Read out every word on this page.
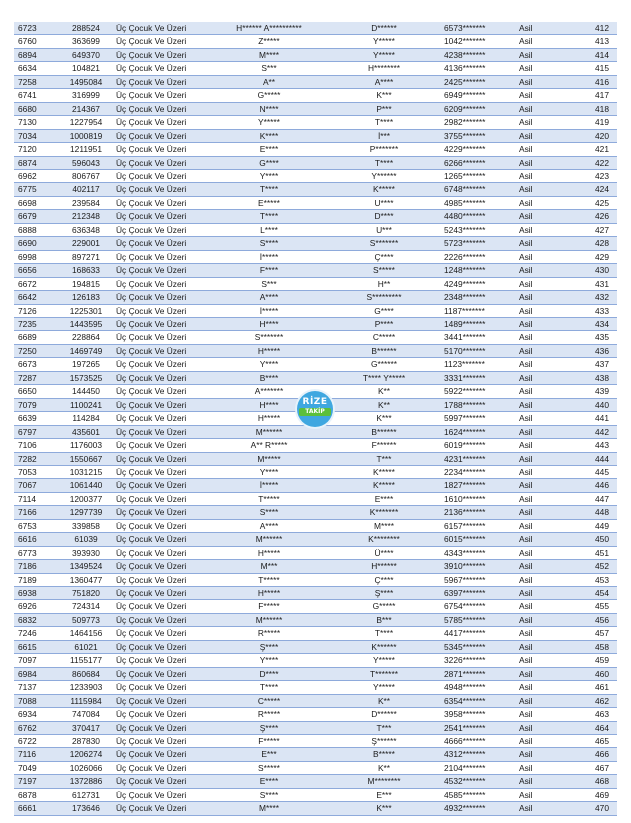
6723	288524	Üç Çocuk Ve Üzeri	H****** A**********	D******	6573*******	Asil	412
6760	363699	Üç Çocuk Ve Üzeri	Z*****	Y*****	1042*******	Asil	413
6894	649370	Üç Çocuk Ve Üzeri	M****	Y*****	4238*******	Asil	414
6634	104821	Üç Çocuk Ve Üzeri	S***	H********	4136*******	Asil	415
7258	1495084	Üç Çocuk Ve Üzeri	A**	A****	2425*******	Asil	416
6741	316999	Üç Çocuk Ve Üzeri	G*****	K***	6949*******	Asil	417
6680	214367	Üç Çocuk Ve Üzeri	N****	P***	6209*******	Asil	418
7130	1227954	Üç Çocuk Ve Üzeri	Y*****	T****	2982*******	Asil	419
7034	1000819	Üç Çocuk Ve Üzeri	K****	İ***	3755*******	Asil	420
7120	1211951	Üç Çocuk Ve Üzeri	E****	P*******	4229*******	Asil	421
6874	596043	Üç Çocuk Ve Üzeri	G****	T****	6266*******	Asil	422
6962	806767	Üç Çocuk Ve Üzeri	Y****	Y******	1265*******	Asil	423
6775	402117	Üç Çocuk Ve Üzeri	T****	K*****	6748*******	Asil	424
6698	239584	Üç Çocuk Ve Üzeri	E*****	U****	4985*******	Asil	425
6679	212348	Üç Çocuk Ve Üzeri	T****	D****	4480*******	Asil	426
6888	636348	Üç Çocuk Ve Üzeri	L****	U***	5243*******	Asil	427
6690	229001	Üç Çocuk Ve Üzeri	S****	S*******	5723*******	Asil	428
6998	897271	Üç Çocuk Ve Üzeri	İ*****	Ç****	2226*******	Asil	429
6656	168633	Üç Çocuk Ve Üzeri	F****	S*****	1248*******	Asil	430
6672	194815	Üç Çocuk Ve Üzeri	S***	H**	4249*******	Asil	431
6642	126183	Üç Çocuk Ve Üzeri	A****	S*********	2348*******	Asil	432
7126	1225301	Üç Çocuk Ve Üzeri	İ*****	G****	1187*******	Asil	433
7235	1443595	Üç Çocuk Ve Üzeri	H****	P****	1489*******	Asil	434
6689	228864	Üç Çocuk Ve Üzeri	S*******	C*****	3441*******	Asil	435
7250	1469749	Üç Çocuk Ve Üzeri	H*****	B******	5170*******	Asil	436
6673	197265	Üç Çocuk Ve Üzeri	Y****	G******	1123*******	Asil	437
7287	1573525	Üç Çocuk Ve Üzeri	B****	T**** Y*****	3331*******	Asil	438
6650	144450	Üç Çocuk Ve Üzeri	A*******	K**	5922*******	Asil	439
7079	1100241	Üç Çocuk Ve Üzeri	H****	K**	1788*******	Asil	440
6639	114284	Üç Çocuk Ve Üzeri	H*****	K***	5997*******	Asil	441
6797	435601	Üç Çocuk Ve Üzeri	M******	B******	1624*******	Asil	442
7106	1176003	Üç Çocuk Ve Üzeri	A** R*****	F******	6019*******	Asil	443
7282	1550667	Üç Çocuk Ve Üzeri	M*****	T***	4231*******	Asil	444
7053	1031215	Üç Çocuk Ve Üzeri	Y****	K*****	2234*******	Asil	445
7067	1061440	Üç Çocuk Ve Üzeri	İ*****	K*****	1827*******	Asil	446
7114	1200377	Üç Çocuk Ve Üzeri	T*****	E****	1610*******	Asil	447
7166	1297739	Üç Çocuk Ve Üzeri	S****	K*******	2136*******	Asil	448
6753	339858	Üç Çocuk Ve Üzeri	A****	M****	6157*******	Asil	449
6616	61039	Üç Çocuk Ve Üzeri	M******	K********	6015*******	Asil	450
6773	393930	Üç Çocuk Ve Üzeri	H*****	Ü****	4343*******	Asil	451
7186	1349524	Üç Çocuk Ve Üzeri	M***	H******	3910*******	Asil	452
7189	1360477	Üç Çocuk Ve Üzeri	T*****	Ç****	5967*******	Asil	453
6938	751820	Üç Çocuk Ve Üzeri	H*****	Ş****	6397*******	Asil	454
6926	724314	Üç Çocuk Ve Üzeri	F*****	G*****	6754*******	Asil	455
6832	509773	Üç Çocuk Ve Üzeri	M******	B***	5785*******	Asil	456
7246	1464156	Üç Çocuk Ve Üzeri	R*****	T****	4417*******	Asil	457
6615	61021	Üç Çocuk Ve Üzeri	Ş****	K******	5345*******	Asil	458
7097	1155177	Üç Çocuk Ve Üzeri	Y****	Y*****	3226*******	Asil	459
6984	860684	Üç Çocuk Ve Üzeri	D****	T*******	2871*******	Asil	460
7137	1233903	Üç Çocuk Ve Üzeri	T****	Y*****	4948*******	Asil	461
7088	1115984	Üç Çocuk Ve Üzeri	C*****	K**	6354*******	Asil	462
6934	747084	Üç Çocuk Ve Üzeri	R*****	D******	3958*******	Asil	463
6762	370417	Üç Çocuk Ve Üzeri	Ş****	T***	2541*******	Asil	464
6722	287830	Üç Çocuk Ve Üzeri	F*****	Ş******	4666*******	Asil	465
7116	1206274	Üç Çocuk Ve Üzeri	E***	B*****	4312*******	Asil	466
7049	1026066	Üç Çocuk Ve Üzeri	S*****	K**	2104*******	Asil	467
7197	1372886	Üç Çocuk Ve Üzeri	E****	M********	4532*******	Asil	468
6878	612731	Üç Çocuk Ve Üzeri	S****	E***	4585*******	Asil	469
6661	173646	Üç Çocuk Ve Üzeri	M****	K***	4932*******	Asil	470
RİZE
TAKİP
